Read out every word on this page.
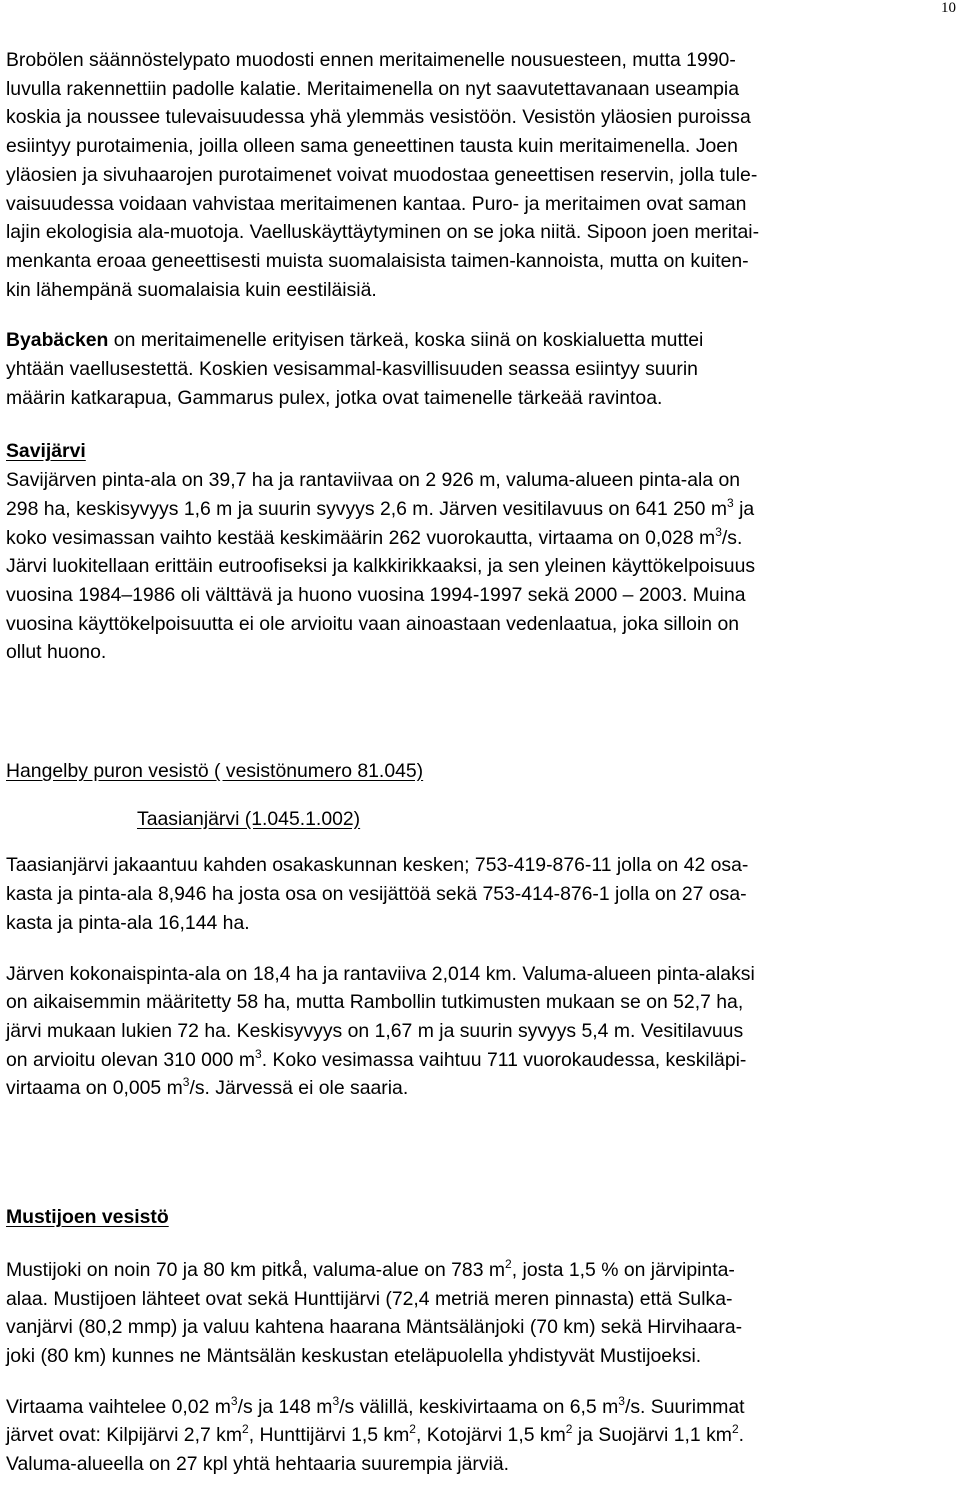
10

Brobölen säännöstelypato muodosti ennen meritaimenelle nousuesteen, mutta 1990-
luvulla rakennettiin padolle kalatie. Meritaimenella on nyt saavutettavanaan useampia
koskia ja noussee tulevaisuudessa yhä ylemmäs vesistöön. Vesistön yläosien puroissa
esiintyy purotaimenia, joilla olleen sama geneettinen tausta kuin meritaimenella. Joen
yläosien ja sivuhaarojen purotaimenet voivat muodostaa geneettisen reservin, jolla tule-
vaisuudessa voidaan vahvistaa meritaimenen kantaa. Puro- ja meritaimen ovat saman
lajin ekologisia ala-muotoja. Vaelluskäyttäytyminen on se joka niitä. Sipoon joen meritai-
menkanta eroaa geneettisesti muista suomalaisista taimen-kannoista, mutta on kuiten-
kin lähempänä suomalaisia kuin eestiläisiä.

Byabäcken on meritaimenelle erityisen tärkeä, koska siinä on koskialuetta muttei
yhtään vaellusestettä. Koskien vesisammal-kasvillisuuden seassa esiintyy suurin
määrin katkarapua, Gammarus pulex, jotka ovat taimenelle tärkeää ravintoa.

Savijärvi

Savijärven pinta-ala on 39,7 ha ja rantaviivaa on 2 926 m, valuma-alueen pinta-ala on
298 ha, keskisyvyys 1,6 m ja suurin syvyys 2,6 m. Järven vesitilavuus on 641 250 $m^3$ ja
koko vesimassan vaihto kestää keskimäärin 262 vuorokautta, virtaama on 0,028 $m^3/s$.
Järvi luokitellaan erittäin eutroofiseksi ja kalkkirikkaaksi, ja sen yleinen käyttökelpoisuus
vuosina 1984–1986 oli välttävä ja huono vuosina 1994-1997 sekä 2000 – 2003. Muina
vuosina käyttökelpoisuutta ei ole arvioitu vaan ainoastaan vedenlaatua, joka silloin on
ollut huono.

Hangelby puron vesistö ( vesistönumero 81.045)

Taasianjärvi (1.045.1.002)

Taasianjärvi jakaantuu kahden osakaskunnan kesken; 753-419-876-11 jolla on 42 osa-
kasta ja pinta-ala 8,946 ha josta osa on vesijättöä sekä 753-414-876-1 jolla on 27 osa-
kasta ja pinta-ala 16,144 ha.

Järven kokonaispinta-ala on 18,4 ha ja rantaviiva 2,014 km. Valuma-alueen pinta-alaksi
on aikaisemmin määritetty 58 ha, mutta Rambollin tutkimusten mukaan se on 52,7 ha,
järvi mukaan lukien 72 ha. Keskisyvyys on 1,67 m ja suurin syvyys 5,4 m. Vesitilavuus
on arvioitu olevan 310 000 $m^3$. Koko vesimassa vaihtuu 711 vuorokaudessa, keskiläpi-
virtaama on 0,005 $m^3/s$. Järvessä ei ole saaria.

Mustijoen vesistö

Mustijoki on noin 70 ja 80 km pitkå, valuma-alue on 783 $m^2$, josta 1,5 % on järvipinta-
alaa. Mustijoen lähteet ovat sekä Hunttijärvi (72,4 metriä meren pinnasta) että Sulka-
vanjärvi (80,2 mmp) ja valuu kahtena haarana Mäntsälänjoki (70 km) sekä Hirvihaara-
joki (80 km) kunnes ne Mäntsälän keskustan eteläpuolella yhdistyvät Mustijoeksi.

Virtaama vaihtelee 0,02 $m^3/s$ ja 148 $m^3/s$ välillä, keskivirtaama on 6,5 $m^3/s$. Suurimmat
järvet ovat: Kilpijärvi 2,7 $km^2$, Hunttijärvi 1,5 $km^2$, Kotojärvi 1,5 $km^2$ ja Suojärvi 1,1 $km^2$.
Valuma-alueella on 27 kpl yhtä hehtaaria suurempia järviä.
